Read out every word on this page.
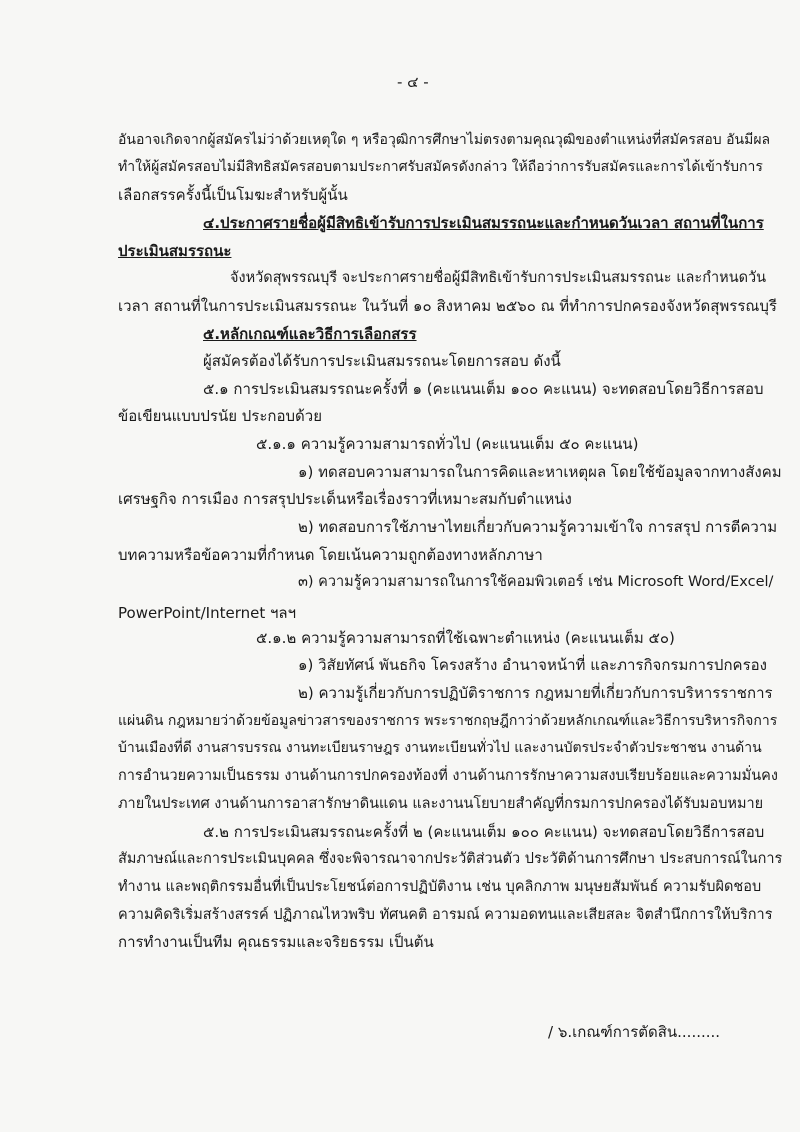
- ๔ -
อันอาจเกิดจากผู้สมัครไม่ว่าด้วยเหตุใด ๆ หรือวุฒิการศึกษาไม่ตรงตามคุณวุฒิของตำแหน่งที่สมัครสอบ อันมีผล
ทำให้ผู้สมัครสอบไม่มีสิทธิสมัครสอบตามประกาศรับสมัครดังกล่าว ให้ถือว่าการรับสมัครและการได้เข้ารับการ
เลือกสรรครั้งนี้เป็นโมฆะสำหรับผู้นั้น
๔.ประกาศรายชื่อผู้มีสิทธิเข้ารับการประเมินสมรรถนะและกำหนดวันเวลา สถานที่ในการ
ประเมินสมรรถนะ
จังหวัดสุพรรณบุรี จะประกาศรายชื่อผู้มีสิทธิเข้ารับการประเมินสมรรถนะ และกำหนดวัน
เวลา สถานที่ในการประเมินสมรรถนะ ในวันที่ ๑๐ สิงหาคม ๒๕๖๐ ณ ที่ทำการปกครองจังหวัดสุพรรณบุรี
๕.หลักเกณฑ์และวิธีการเลือกสรร
ผู้สมัครต้องได้รับการประเมินสมรรถนะโดยการสอบ ดังนี้
๕.๑ การประเมินสมรรถนะครั้งที่ ๑ (คะแนนเต็ม ๑๐๐ คะแนน) จะทดสอบโดยวิธีการสอบ
ข้อเขียนแบบปรนัย ประกอบด้วย
๕.๑.๑ ความรู้ความสามารถทั่วไป (คะแนนเต็ม ๕๐ คะแนน)
๑) ทดสอบความสามารถในการคิดและหาเหตุผล โดยใช้ข้อมูลจากทางสังคม
เศรษฐกิจ การเมือง การสรุปประเด็นหรือเรื่องราวที่เหมาะสมกับตำแหน่ง
๒) ทดสอบการใช้ภาษาไทยเกี่ยวกับความรู้ความเข้าใจ การสรุป การตีความ
บทความหรือข้อความที่กำหนด โดยเน้นความถูกต้องทางหลักภาษา
๓) ความรู้ความสามารถในการใช้คอมพิวเตอร์ เช่น Microsoft Word/Excel/
PowerPoint/Internet ฯลฯ
๕.๑.๒ ความรู้ความสามารถที่ใช้เฉพาะตำแหน่ง (คะแนนเต็ม ๕๐)
๑) วิสัยทัศน์ พันธกิจ โครงสร้าง อำนาจหน้าที่ และภารกิจกรมการปกครอง
๒) ความรู้เกี่ยวกับการปฏิบัติราชการ กฎหมายที่เกี่ยวกับการบริหารราชการ
แผ่นดิน กฎหมายว่าด้วยข้อมูลข่าวสารของราชการ พระราชกฤษฎีกาว่าด้วยหลักเกณฑ์และวิธีการบริหารกิจการ
บ้านเมืองที่ดี งานสารบรรณ งานทะเบียนราษฎร งานทะเบียนทั่วไป และงานบัตรประจำตัวประชาชน งานด้าน
การอำนวยความเป็นธรรม งานด้านการปกครองท้องที่ งานด้านการรักษาความสงบเรียบร้อยและความมั่นคง
ภายในประเทศ งานด้านการอาสารักษาดินแดน และงานนโยบายสำคัญที่กรมการปกครองได้รับมอบหมาย
๕.๒ การประเมินสมรรถนะครั้งที่ ๒ (คะแนนเต็ม ๑๐๐ คะแนน) จะทดสอบโดยวิธีการสอบ
สัมภาษณ์และการประเมินบุคคล ซึ่งจะพิจารณาจากประวัติส่วนตัว ประวัติด้านการศึกษา ประสบการณ์ในการ
ทำงาน และพฤติกรรมอื่นที่เป็นประโยชน์ต่อการปฏิบัติงาน เช่น บุคลิกภาพ มนุษยสัมพันธ์ ความรับผิดชอบ
ความคิดริเริ่มสร้างสรรค์ ปฏิภาณไหวพริบ ทัศนคติ อารมณ์ ความอดทนและเสียสละ จิตสำนึกการให้บริการ
การทำงานเป็นทีม คุณธรรมและจริยธรรม เป็นต้น
/ ๖.เกณฑ์การตัดสิน.........
